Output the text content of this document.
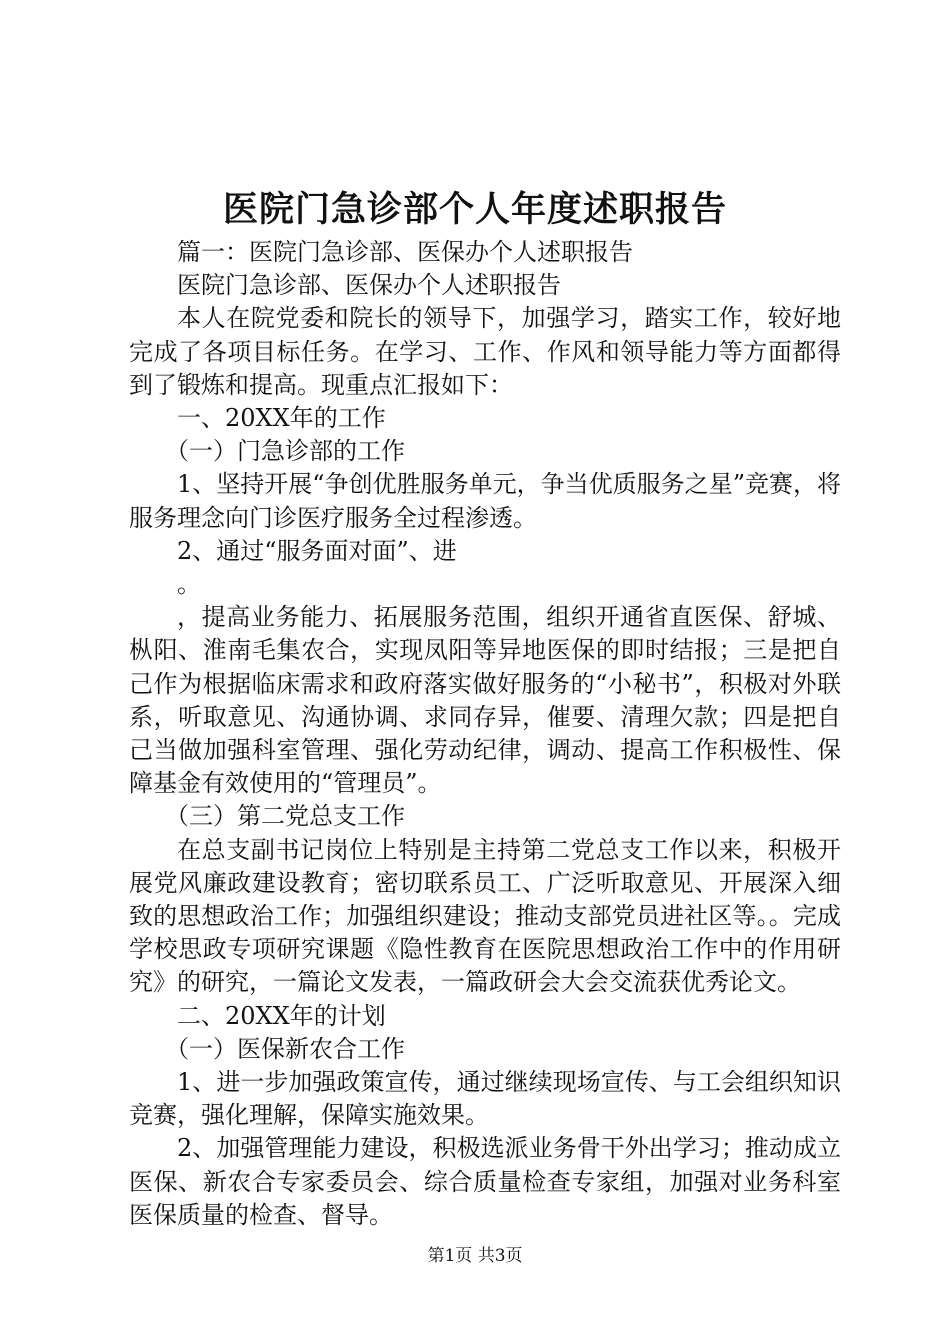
医院门急诊部个人年度述职报告

篇一：医院门急诊部、医保办个人述职报告

医院门急诊部、医保办个人述职报告

本人在院党委和院长的领导下，加强学习，踏实工作，较好地完成了各项目标任务。在学习、工作、作风和领导能力等方面都得到了锻炼和提高。现重点汇报如下：

一、20XX年的工作

（一）门急诊部的工作

1、坚持开展“争创优胜服务单元，争当优质服务之星”竞赛，将服务理念向门诊医疗服务全过程渗透。

2、通过“服务面对面”、进

。

，提高业务能力、拓展服务范围，组织开通省直医保、舒城、枞阳、淮南毛集农合，实现凤阳等异地医保的即时结报；三是把自己作为根据临床需求和政府落实做好服务的“小秘书”，积极对外联系，听取意见、沟通协调、求同存异，催要、清理欠款；四是把自己当做加强科室管理、强化劳动纪律，调动、提高工作积极性、保障基金有效使用的“管理员”。

（三）第二党总支工作

在总支副书记岗位上特别是主持第二党总支工作以来，积极开展党风廉政建设教育；密切联系员工、广泛听取意见、开展深入细致的思想政治工作；加强组织建设；推动支部党员进社区等。。完成学校思政专项研究课题《隐性教育在医院思想政治工作中的作用研究》的研究，一篇论文发表，一篇政研会大会交流获优秀论文。

二、20XX年的计划

（一）医保新农合工作

1、进一步加强政策宣传，通过继续现场宣传、与工会组织知识竞赛，强化理解，保障实施效果。

2、加强管理能力建设，积极选派业务骨干外出学习；推动成立医保、新农合专家委员会、综合质量检查专家组，加强对业务科室医保质量的检查、督导。

第1页 共3页
